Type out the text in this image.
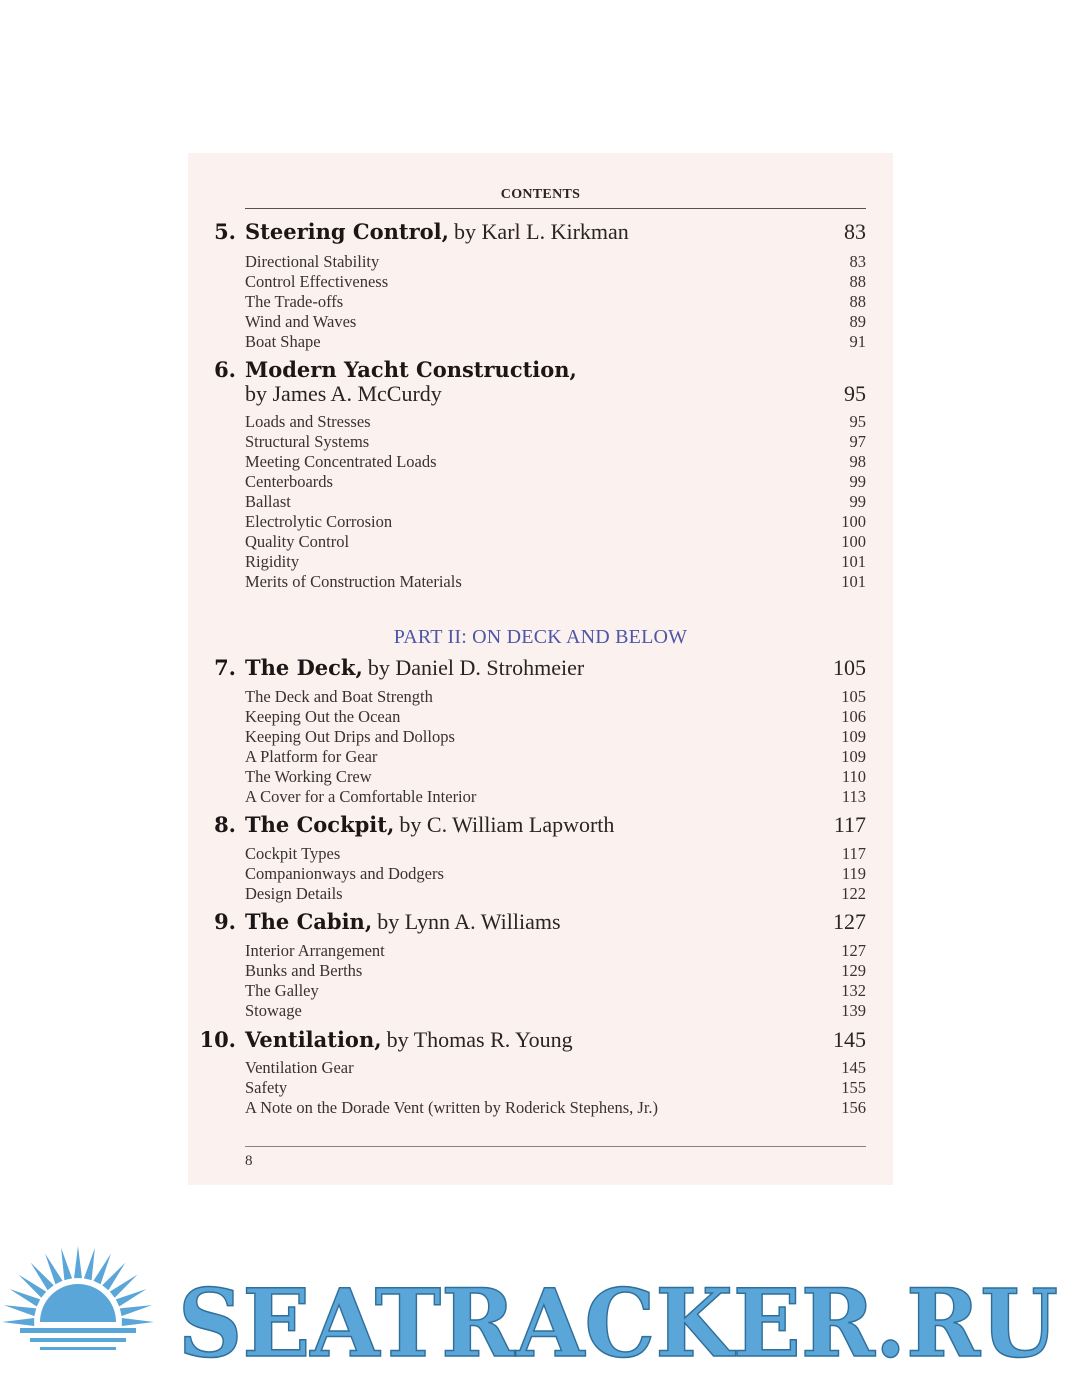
CONTENTS
5. Steering Control, by Karl L. Kirkman	83
Directional Stability	83
Control Effectiveness	88
The Trade-offs	88
Wind and Waves	89
Boat Shape	91
6. Modern Yacht Construction,
by James A. McCurdy	95
Loads and Stresses	95
Structural Systems	97
Meeting Concentrated Loads	98
Centerboards	99
Ballast	99
Electrolytic Corrosion	100
Quality Control	100
Rigidity	101
Merits of Construction Materials	101
PART II: ON DECK AND BELOW
7. The Deck, by Daniel D. Strohmeier	105
The Deck and Boat Strength	105
Keeping Out the Ocean	106
Keeping Out Drips and Dollops	109
A Platform for Gear	109
The Working Crew	110
A Cover for a Comfortable Interior	113
8. The Cockpit, by C. William Lapworth	117
Cockpit Types	117
Companionways and Dodgers	119
Design Details	122
9. The Cabin, by Lynn A. Williams	127
Interior Arrangement	127
Bunks and Berths	129
The Galley	132
Stowage	139
10. Ventilation, by Thomas R. Young	145
Ventilation Gear	145
Safety	155
A Note on the Dorade Vent (written by Roderick Stephens, Jr.)	156
8
SEATRACKER.RU
